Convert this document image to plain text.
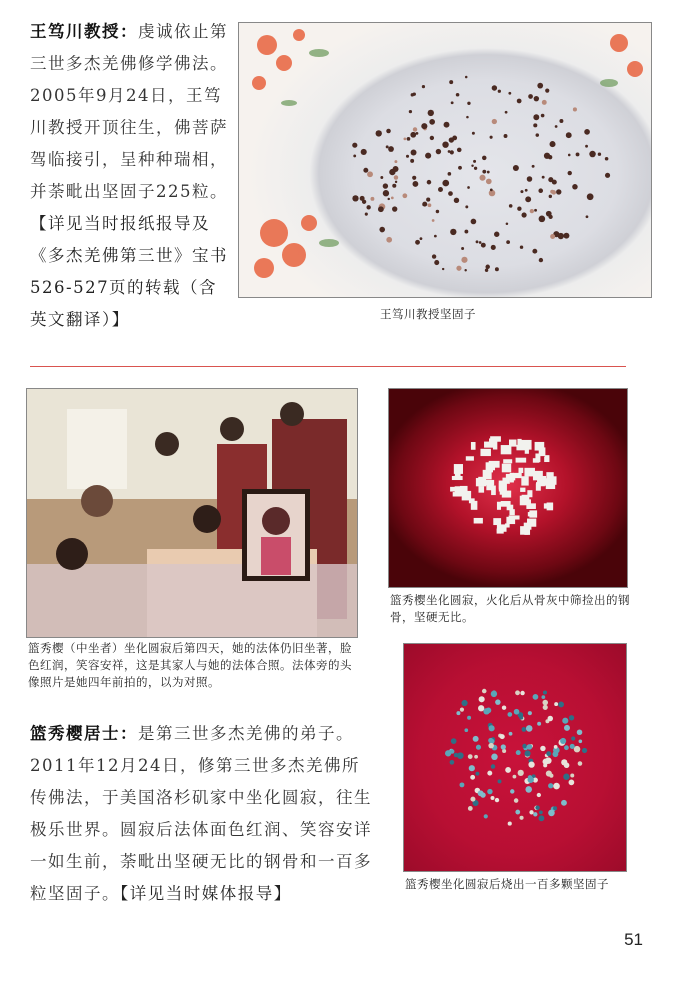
王笃川教授：虔诚依止第三世多杰羌佛修学佛法。2005年9月24日，王笃川教授开顶往生，佛菩萨驾临接引，呈种种瑞相，并荼毗出坚固子225粒。【详见当时报纸报导及《多杰羌佛第三世》宝书526-527页的转载（含英文翻译）】	王笃川教授坚固子
篮秀樱（中坐者）坐化圆寂后第四天，她的法体仍旧坐著，脸色红润，笑容安祥，这是其家人与她的法体合照。法体旁的头像照片是她四年前拍的，以为对照。
篮秀樱坐化圆寂，火化后从骨灰中筛捡出的钢骨，坚硬无比。
篮秀樱坐化圆寂后烧出一百多颗坚固子
篮秀樱居士：是第三世多杰羌佛的弟子。2011年12月24日，修第三世多杰羌佛所传佛法，于美国洛杉矶家中坐化圆寂，往生极乐世界。圆寂后法体面色红润、笑容安详一如生前，荼毗出坚硬无比的钢骨和一百多粒坚固子。【详见当时媒体报导】
51
